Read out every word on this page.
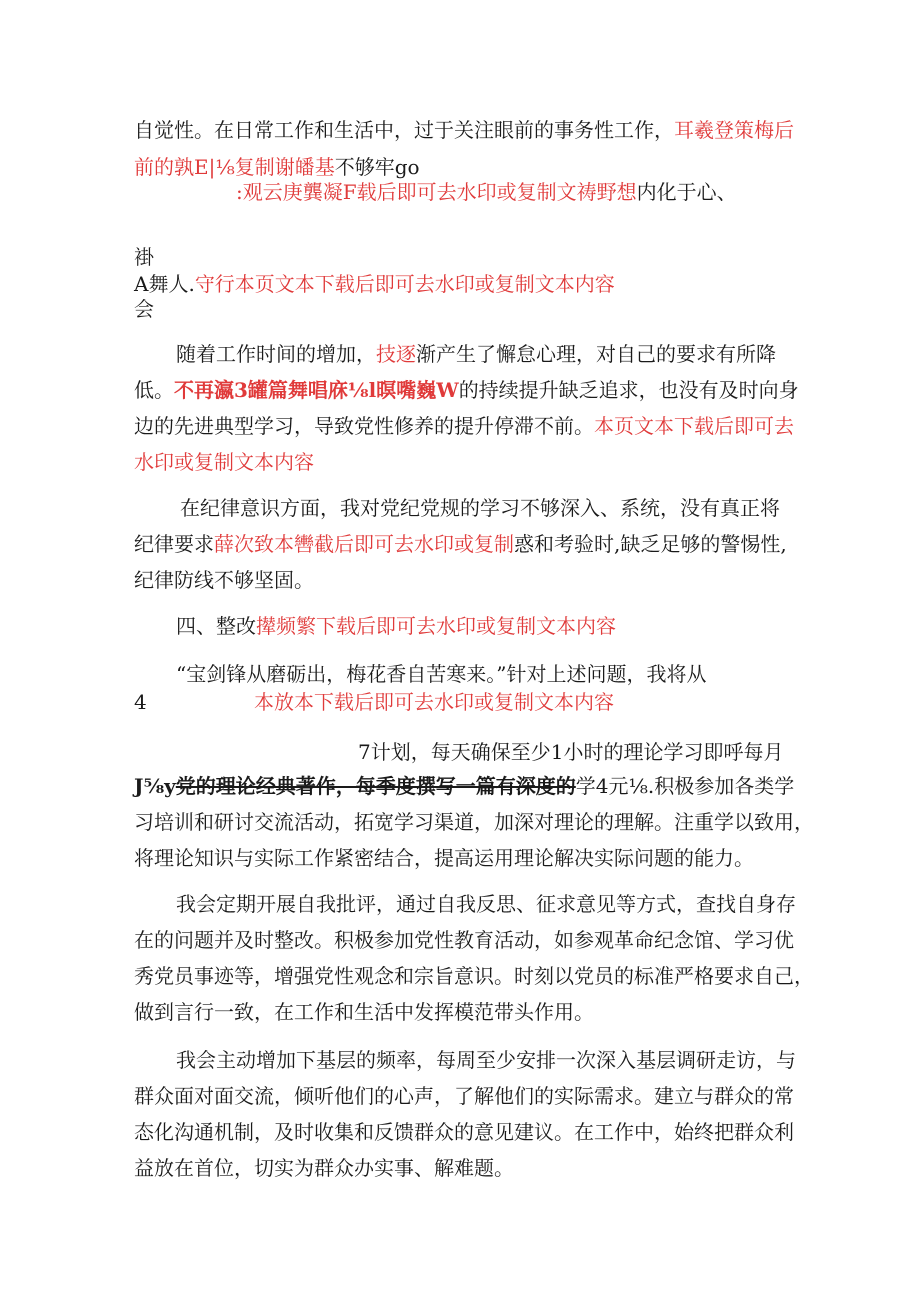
自觉性。在日常工作和生活中，过于关注眼前的事务性工作，耳羲登策梅后
前的孰E|⅛复制谢皤基不够牢go
:观云庚龔凝F载后即可去水印或复制文祷野想内化于心、
褂
A舞人.守行本页文本下载后即可去水印或复制文本内容
会
随着工作时间的增加，技逐渐产生了懈怠心理，对自己的要求有所降
低。不再瀛3罐篇舞唱庥⅛l暝嘴巍W的持续提升缺乏追求，也没有及时向身
边的先进典型学习，导致党性修养的提升停滞不前。本页文本下载后即可去
水印或复制文本内容
在纪律意识方面，我对党纪党规的学习不够深入、系统，没有真正将
纪律要求薛次致本轡截后即可去水印或复制惑和考验时,缺乏足够的警惕性,
纪律防线不够坚固。
四、整改撵频繁下载后即可去水印或复制文本内容
“宝剑锋从磨砺出，梅花香自苦寒来。”针对上述问题，我将从
4	本放本下载后即可去水印或复制文本内容
7计划，每天确保至少1小时的理论学习即呼每月
J⅝y党的理论经典著作，每季度撰写一篇有深度的学4元⅛.积极参加各类学
习培训和研讨交流活动，拓宽学习渠道，加深对理论的理解。注重学以致用，
将理论知识与实际工作紧密结合，提高运用理论解决实际问题的能力。
我会定期开展自我批评，通过自我反思、征求意见等方式，查找自身存
在的问题并及时整改。积极参加党性教育活动，如参观革命纪念馆、学习优
秀党员事迹等，增强党性观念和宗旨意识。时刻以党员的标准严格要求自己，
做到言行一致，在工作和生活中发挥模范带头作用。
我会主动增加下基层的频率，每周至少安排一次深入基层调研走访，与
群众面对面交流，倾听他们的心声，了解他们的实际需求。建立与群众的常
态化沟通机制，及时收集和反馈群众的意见建议。在工作中，始终把群众利
益放在首位，切实为群众办实事、解难题。
